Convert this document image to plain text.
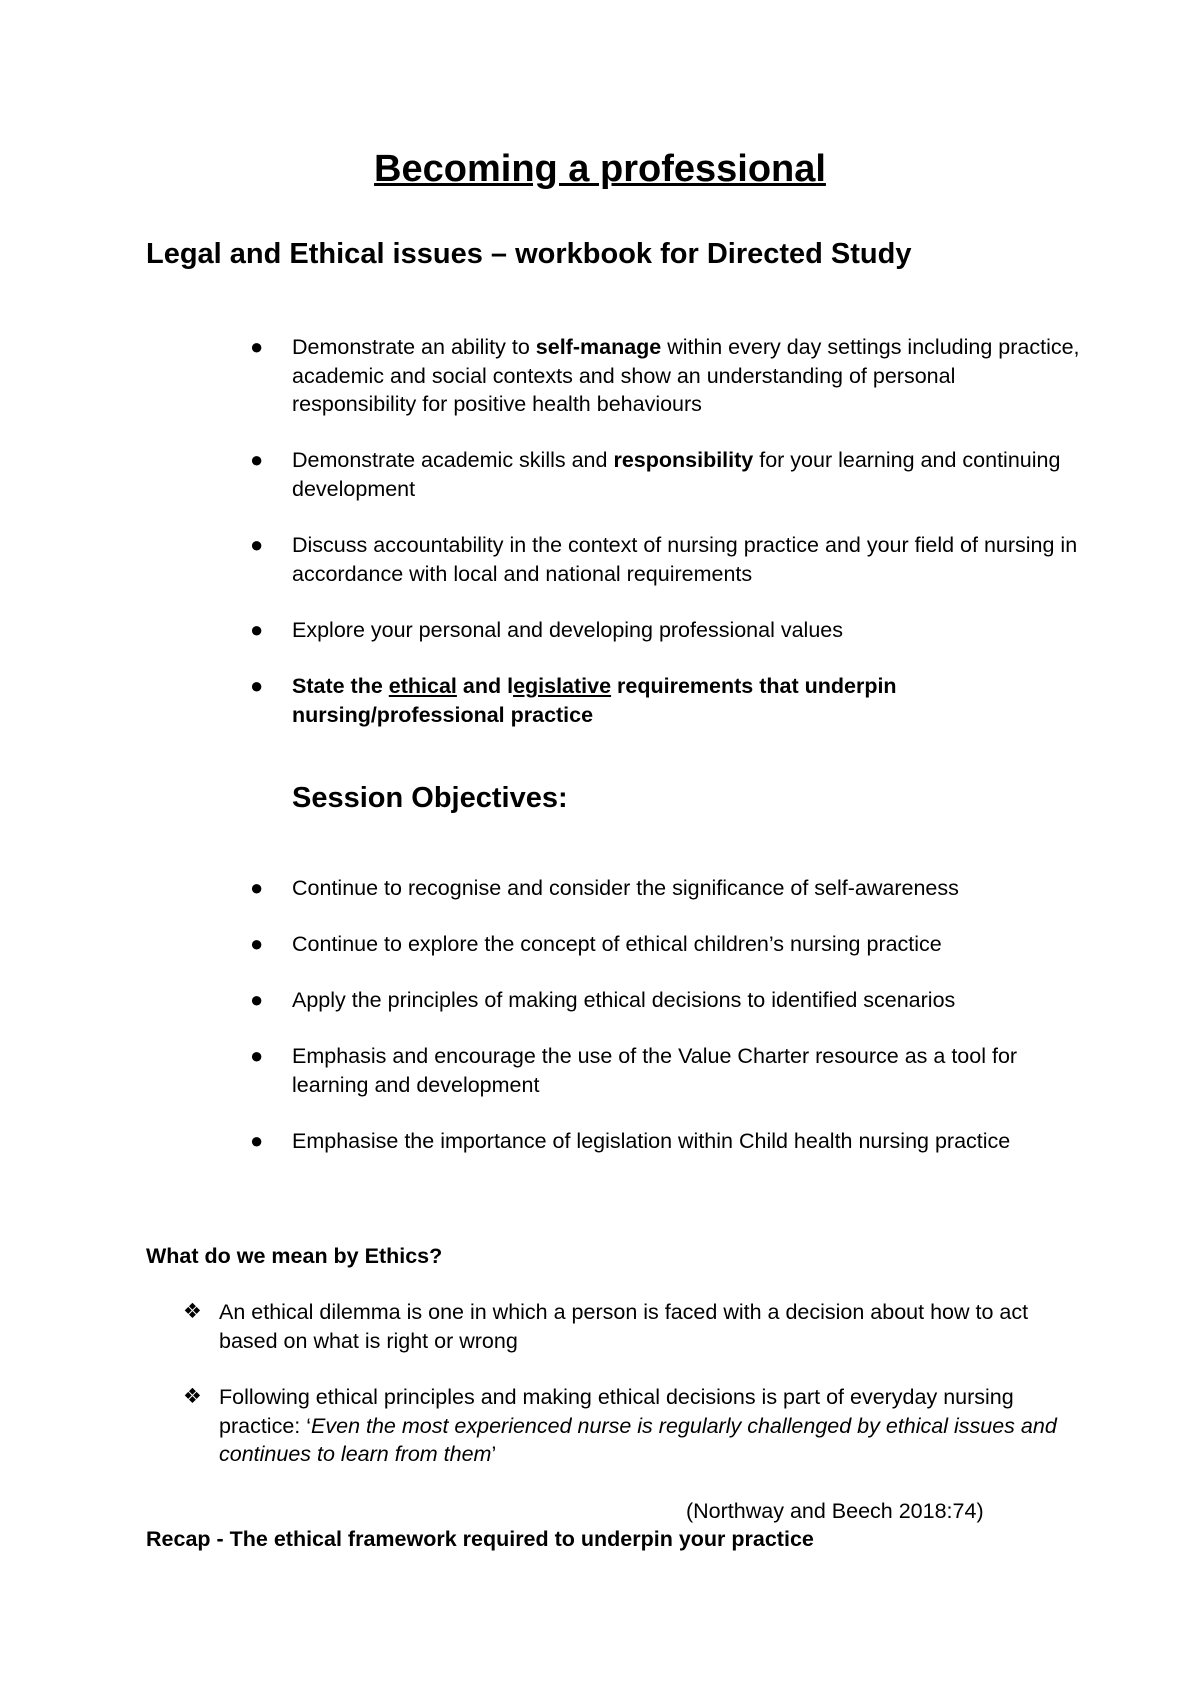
Becoming a professional
Legal and Ethical issues – workbook for Directed Study
● Demonstrate an ability to self-manage within every day settings including practice, academic and social contexts and show an understanding of personal responsibility for positive health behaviours
● Demonstrate academic skills and responsibility for your learning and continuing development
● Discuss accountability in the context of nursing practice and your field of nursing in accordance with local and national requirements
● Explore your personal and developing professional values
● State the ethical and legislative requirements that underpin nursing/professional practice
Session Objectives:
● Continue to recognise and consider the significance of self-awareness
● Continue to explore the concept of ethical children’s nursing practice
● Apply the principles of making ethical decisions to identified scenarios
● Emphasis and encourage the use of the Value Charter resource as a tool for learning and development
● Emphasise the importance of legislation within Child health nursing practice
What do we mean by Ethics?
❖ An ethical dilemma is one in which a person is faced with a decision about how to act based on what is right or wrong
❖ Following ethical principles and making ethical decisions is part of everyday nursing practice: ‘Even the most experienced nurse is regularly challenged by ethical issues and continues to learn from them’
(Northway and Beech 2018:74)
Recap - The ethical framework required to underpin your practice
